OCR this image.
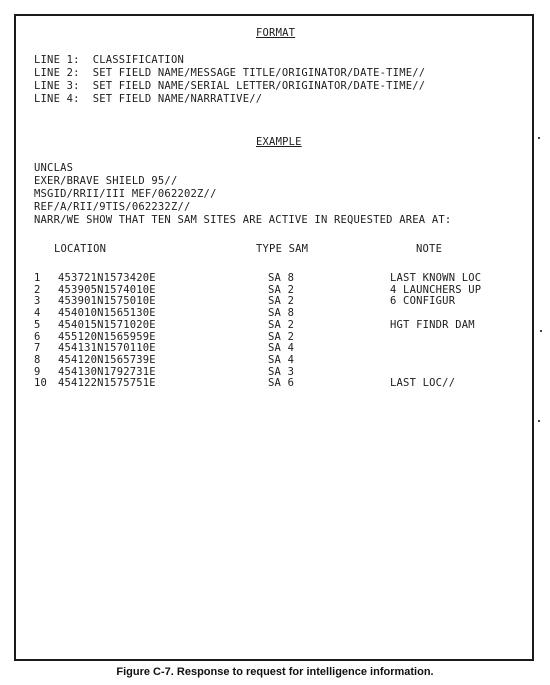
FORMAT
LINE 1:  CLASSIFICATION
LINE 2:  SET FIELD NAME/MESSAGE TITLE/ORIGINATOR/DATE-TIME//
LINE 3:  SET FIELD NAME/SERIAL LETTER/ORIGINATOR/DATE-TIME//
LINE 4:  SET FIELD NAME/NARRATIVE//
EXAMPLE
UNCLAS
EXER/BRAVE SHIELD 95//
MSGID/RRII/III MEF/062202Z//
REF/A/RII/9TIS/062232Z//
NARR/WE SHOW THAT TEN SAM SITES ARE ACTIVE IN REQUESTED AREA AT:
LOCATION	TYPE SAM	NOTE
1 453721N1573420E	SA 8	LAST KNOWN LOC
2 453905N1574010E	SA 2	4 LAUNCHERS UP
3 453901N1575010E	SA 2	6 CONFIGUR
4 454010N1565130E	SA 8
5 454015N1571020E	SA 2	HGT FINDR DAM
6 455120N1565959E	SA 2
7 454131N1570110E	SA 4
8 454120N1565739E	SA 4
9 454130N1792731E	SA 3
10 454122N1575751E	SA 6	LAST LOC//
Figure C-7. Response to request for intelligence information.
